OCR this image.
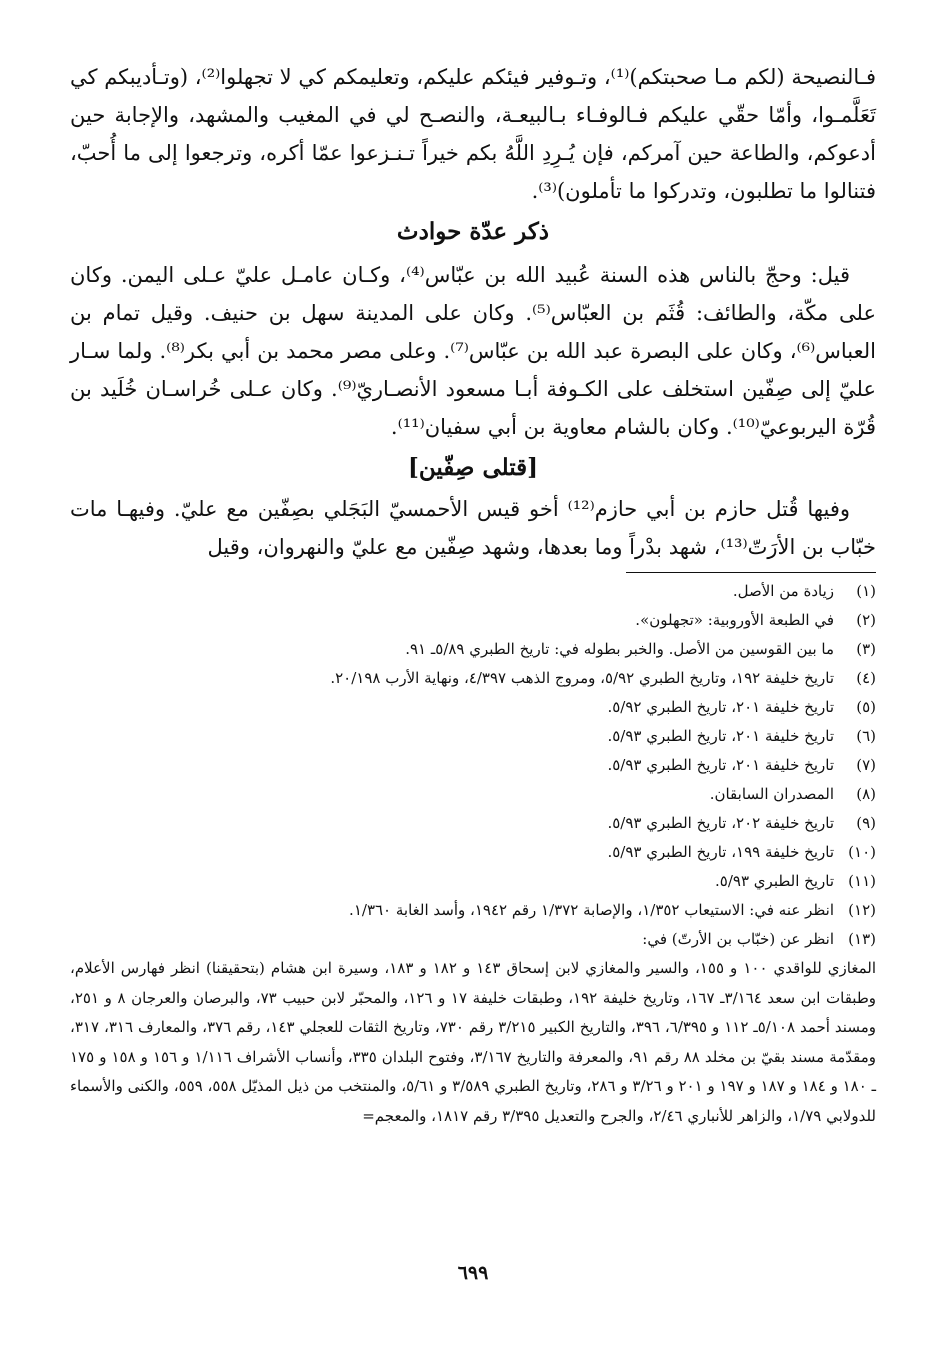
فـالنصيحة (لكم مـا صحبتكم)⁽¹⁾، وتـوفير فيئكم عليكم، وتعليمكم كي لا تجهلوا⁽²⁾، (وتـأديبكم كي تَعَلَّمـوا، وأمّا حقّي عليكم فـالوفـاء بـالبيعـة، والنصـح لي في المغيب والمشهد، والإجابة حين أدعوكم، والطاعة حين آمركم، فإن يُـرِدِ اللَّهُ بكم خيراً تـنـزعوا عمّا أكره، وترجعوا إلى ما أُحبّ، فتنالوا ما تطلبون، وتدركوا ما تأملون)⁽³⁾.

ذكر عدّة حوادث

قيل: وحجّ بالناس هذه السنة عُبيد الله بن عبّاس⁽⁴⁾، وكـان عامـل عليّ عـلى اليمن. وكان على مكّة، والطائف: قُثَم بن العبّاس⁽⁵⁾. وكان على المدينة سهل بن حنيف. وقيل تمام بن العباس⁽⁶⁾، وكان على البصرة عبد الله بن عبّاس⁽⁷⁾. وعلى مصر محمد بن أبي بكر⁽⁸⁾. ولما سـار عليّ إلى صِفّين استخلف على الكـوفة أبـا مسعود الأنصـاريّ⁽⁹⁾. وكان عـلى خُراسـان خُلَيد بن قُرّة اليربوعيّ⁽¹⁰⁾. وكان بالشام معاوية بن أبي سفيان⁽¹¹⁾.

[قتلى صِفّين]

وفيها قُتل حازم بن أبي حازم⁽¹²⁾ أخو قيس الأحمسيّ البَجَلي بصِفّين مع عليّ. وفيهـا مات خبّاب بن الأرَتّ⁽¹³⁾، شهد بدْراً وما بعدها، وشهد صِفّين مع عليّ والنهروان، وقيل

(١)
زيادة من الأصل.
(٢)
في الطبعة الأوروبية: «تجهلون».
(٣)
ما بين القوسين من الأصل. والخبر بطوله في: تاريخ الطبري ٥/٨٩ـ ٩١.
(٤)
تاريخ خليفة ١٩٢، وتاريخ الطبري ٥/٩٢، ومروج الذهب ٤/٣٩٧، ونهاية الأرب ٢٠/١٩٨.
(٥)
تاريخ خليفة ٢٠١، تاريخ الطبري ٥/٩٢.
(٦)
تاريخ خليفة ٢٠١، تاريخ الطبري ٥/٩٣.
(٧)
تاريخ خليفة ٢٠١، تاريخ الطبري ٥/٩٣.
(٨)
المصدران السابقان.
(٩)
تاريخ خليفة ٢٠٢، تاريخ الطبري ٥/٩٣.
(١٠)
تاريخ خليفة ١٩٩، تاريخ الطبري ٥/٩٣.
(١١)
تاريخ الطبري ٥/٩٣.
(١٢)
انظر عنه في: الاستيعاب ١/٣٥٢، والإصابة ١/٣٧٢ رقم ١٩٤٢، وأسد الغابة ١/٣٦٠.
(١٣)
انظر عن (خبّاب بن الأرتّ) في:

المغازي للواقدي ١٠٠ و ١٥٥، والسير والمغازي لابن إسحاق ١٤٣ و ١٨٢ و ١٨٣، وسيرة ابن هشام (بتحقيقنا) انظر فهارس الأعلام، وطبقات ابن سعد ٣/١٦٤ـ ١٦٧، وتاريخ خليفة ١٩٢، وطبقات خليفة ١٧ و ١٢٦، والمحبّر لابن حبيب ٧٣، والبرصان والعرجان ٨ و ٢٥١، ومسند أحمد ٥/١٠٨ـ ١١٢ و ٦/٣٩٥، ٣٩٦، والتاريخ الكبير ٣/٢١٥ رقم ٧٣٠، وتاريخ الثقات للعجلي ١٤٣، رقم ٣٧٦، والمعارف ٣١٦، ٣١٧، ومقدّمة مسند بقيّ بن مخلد ٨٨ رقم ٩١، والمعرفة والتاريخ ٣/١٦٧، وفتوح البلدان ٣٣٥، وأنساب الأشراف ١/١١٦ و ١٥٦ و ١٥٨ و ١٧٥ ـ ١٨٠ و ١٨٤ و ١٨٧ و ١٩٧ و ٢٠١ و ٣/٢٦ و ٢٨٦، وتاريخ الطبري ٣/٥٨٩ و ٥/٦١، والمنتخب من ذيل المذيّل ٥٥٨، ٥٥٩، والكنى والأسماء للدولابي ١/٧٩، والزاهر للأنباري ٢/٤٦، والجرح والتعديل ٣/٣٩٥ رقم ١٨١٧، والمعجم=

٦٩٩
